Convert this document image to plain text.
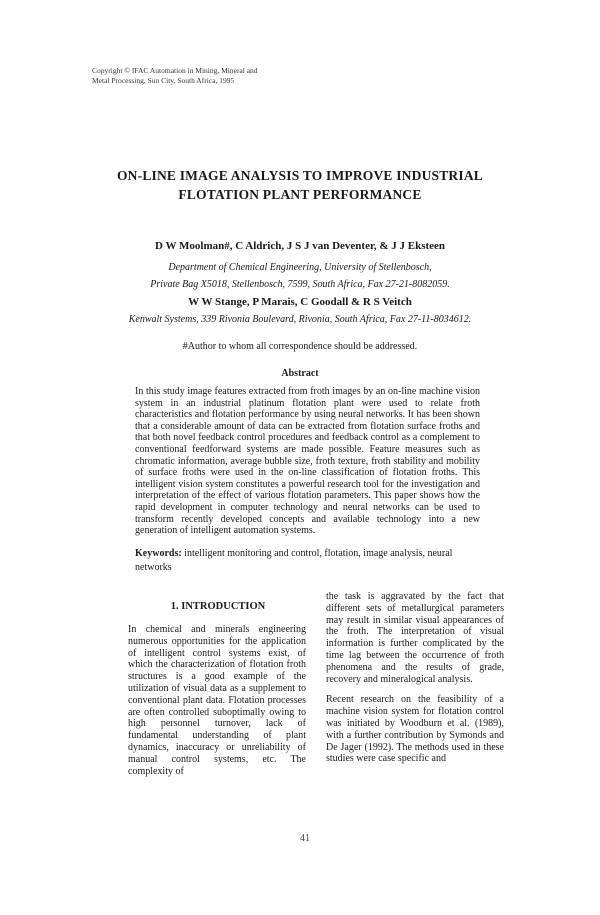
Copyright © IFAC Automation in Mining, Mineral and
Metal Processing, Sun City, South Africa, 1995
ON-LINE IMAGE ANALYSIS TO IMPROVE INDUSTRIAL
FLOTATION PLANT PERFORMANCE
D W Moolman#, C Aldrich, J S J van Deventer, & J J Eksteen
Department of Chemical Engineering, University of Stellenbosch,
Private Bag X5018, Stellenbosch, 7599, South Africa, Fax 27-21-8082059.
W W Stange, P Marais, C Goodall & R S Veitch
Kenwalt Systems, 339 Rivonia Boulevard, Rivonia, South Africa, Fax 27-11-8034612.
#Author to whom all correspondence should be addressed.
Abstract
In this study image features extracted from froth images by an on-line machine vision system in an industrial platinum flotation plant were used to relate froth characteristics and flotation performance by using neural networks. It has been shown that a considerable amount of data can be extracted from flotation surface froths and that both novel feedback control procedures and feedback control as a complement to conventional feedforward systems are made possible. Feature measures such as chromatic information, average bubble size, froth texture, froth stability and mobility of surface froths were used in the on-line classification of flotation froths. This intelligent vision system constitutes a powerful research tool for the investigation and interpretation of the effect of various flotation parameters. This paper shows how the rapid development in computer technology and neural networks can be used to transform recently developed concepts and available technology into a new generation of intelligent automation systems.
Keywords: intelligent monitoring and control, flotation, image analysis, neural networks
1. INTRODUCTION
In chemical and minerals engineering numerous opportunities for the application of intelligent control systems exist, of which the characterization of flotation froth structures is a good example of the utilization of visual data as a supplement to conventional plant data. Flotation processes are often controlled suboptimally owing to high personnel turnover, lack of fundamental understanding of plant dynamics, inaccuracy or unreliability of manual control systems, etc. The complexity of

the task is aggravated by the fact that different sets of metallurgical parameters may result in similar visual appearances of the froth. The interpretation of visual information is further complicated by the time lag between the occurrence of froth phenomena and the results of grade, recovery and mineralogical analysis.

Recent research on the feasibility of a machine vision system for flotation control was initiated by Woodburn et al. (1989), with a further contribution by Symonds and De Jager (1992). The methods used in these studies were case specific and

41
